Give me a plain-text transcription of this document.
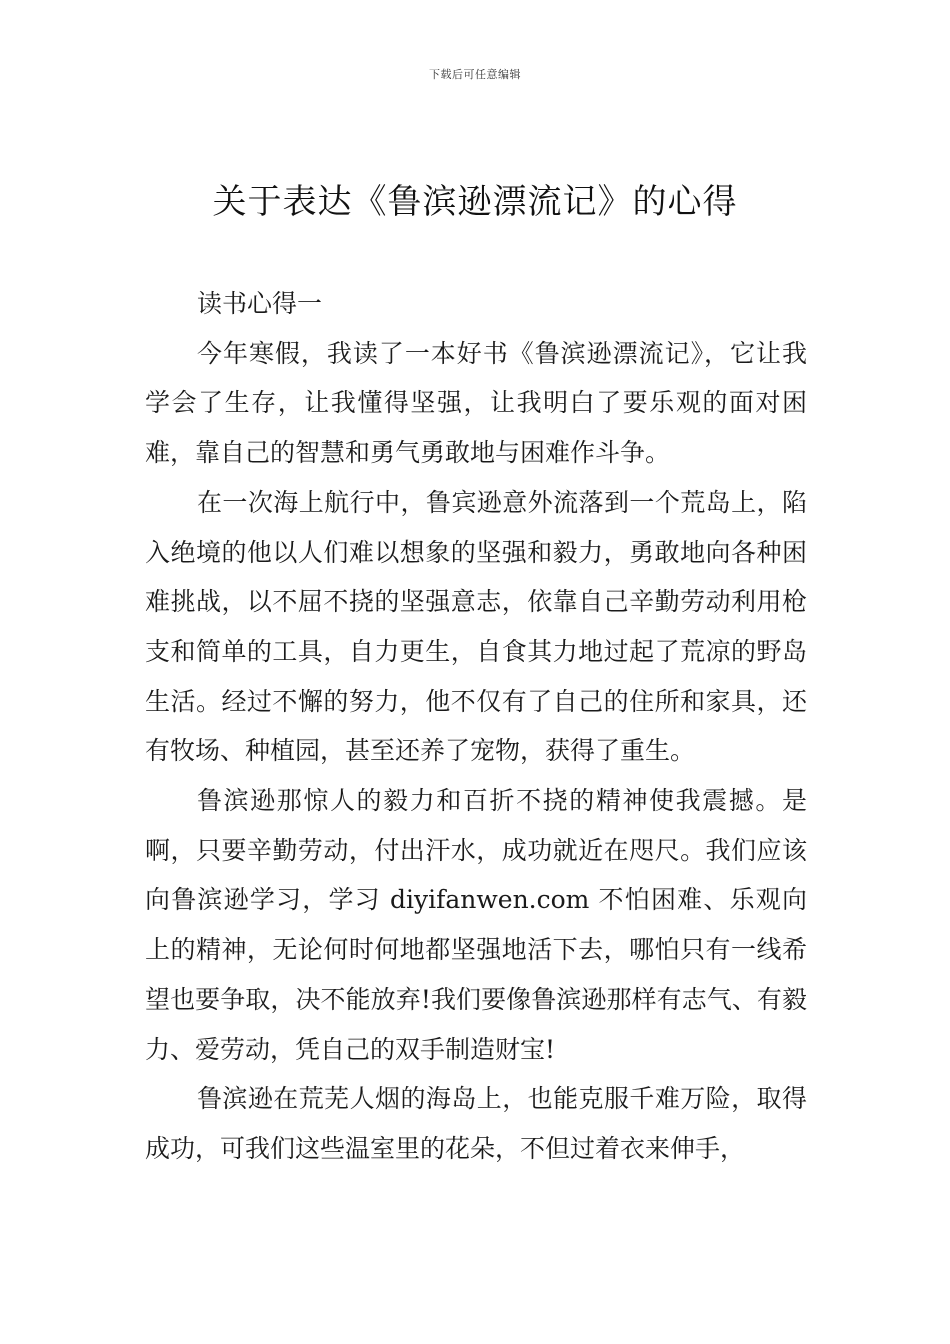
下载后可任意编辑
关于表达《鲁滨逊漂流记》的心得

读书心得一

今年寒假，我读了一本好书《鲁滨逊漂流记》，它让我学会了生存，让我懂得坚强，让我明白了要乐观的面对困难，靠自己的智慧和勇气勇敢地与困难作斗争。

在一次海上航行中，鲁宾逊意外流落到一个荒岛上，陷入绝境的他以人们难以想象的坚强和毅力，勇敢地向各种困难挑战，以不屈不挠的坚强意志，依靠自己辛勤劳动利用枪支和简单的工具，自力更生，自食其力地过起了荒凉的野岛生活。经过不懈的努力，他不仅有了自己的住所和家具，还有牧场、种植园，甚至还养了宠物，获得了重生。

鲁滨逊那惊人的毅力和百折不挠的精神使我震撼。是啊，只要辛勤劳动，付出汗水，成功就近在咫尺。我们应该向鲁滨逊学习，学习 diyifanwen.com 不怕困难、乐观向上的精神，无论何时何地都坚强地活下去，哪怕只有一线希望也要争取，决不能放弃!我们要像鲁滨逊那样有志气、有毅力、爱劳动，凭自己的双手制造财宝!

鲁滨逊在荒芜人烟的海岛上，也能克服千难万险，取得成功，可我们这些温室里的花朵，不但过着衣来伸手，
